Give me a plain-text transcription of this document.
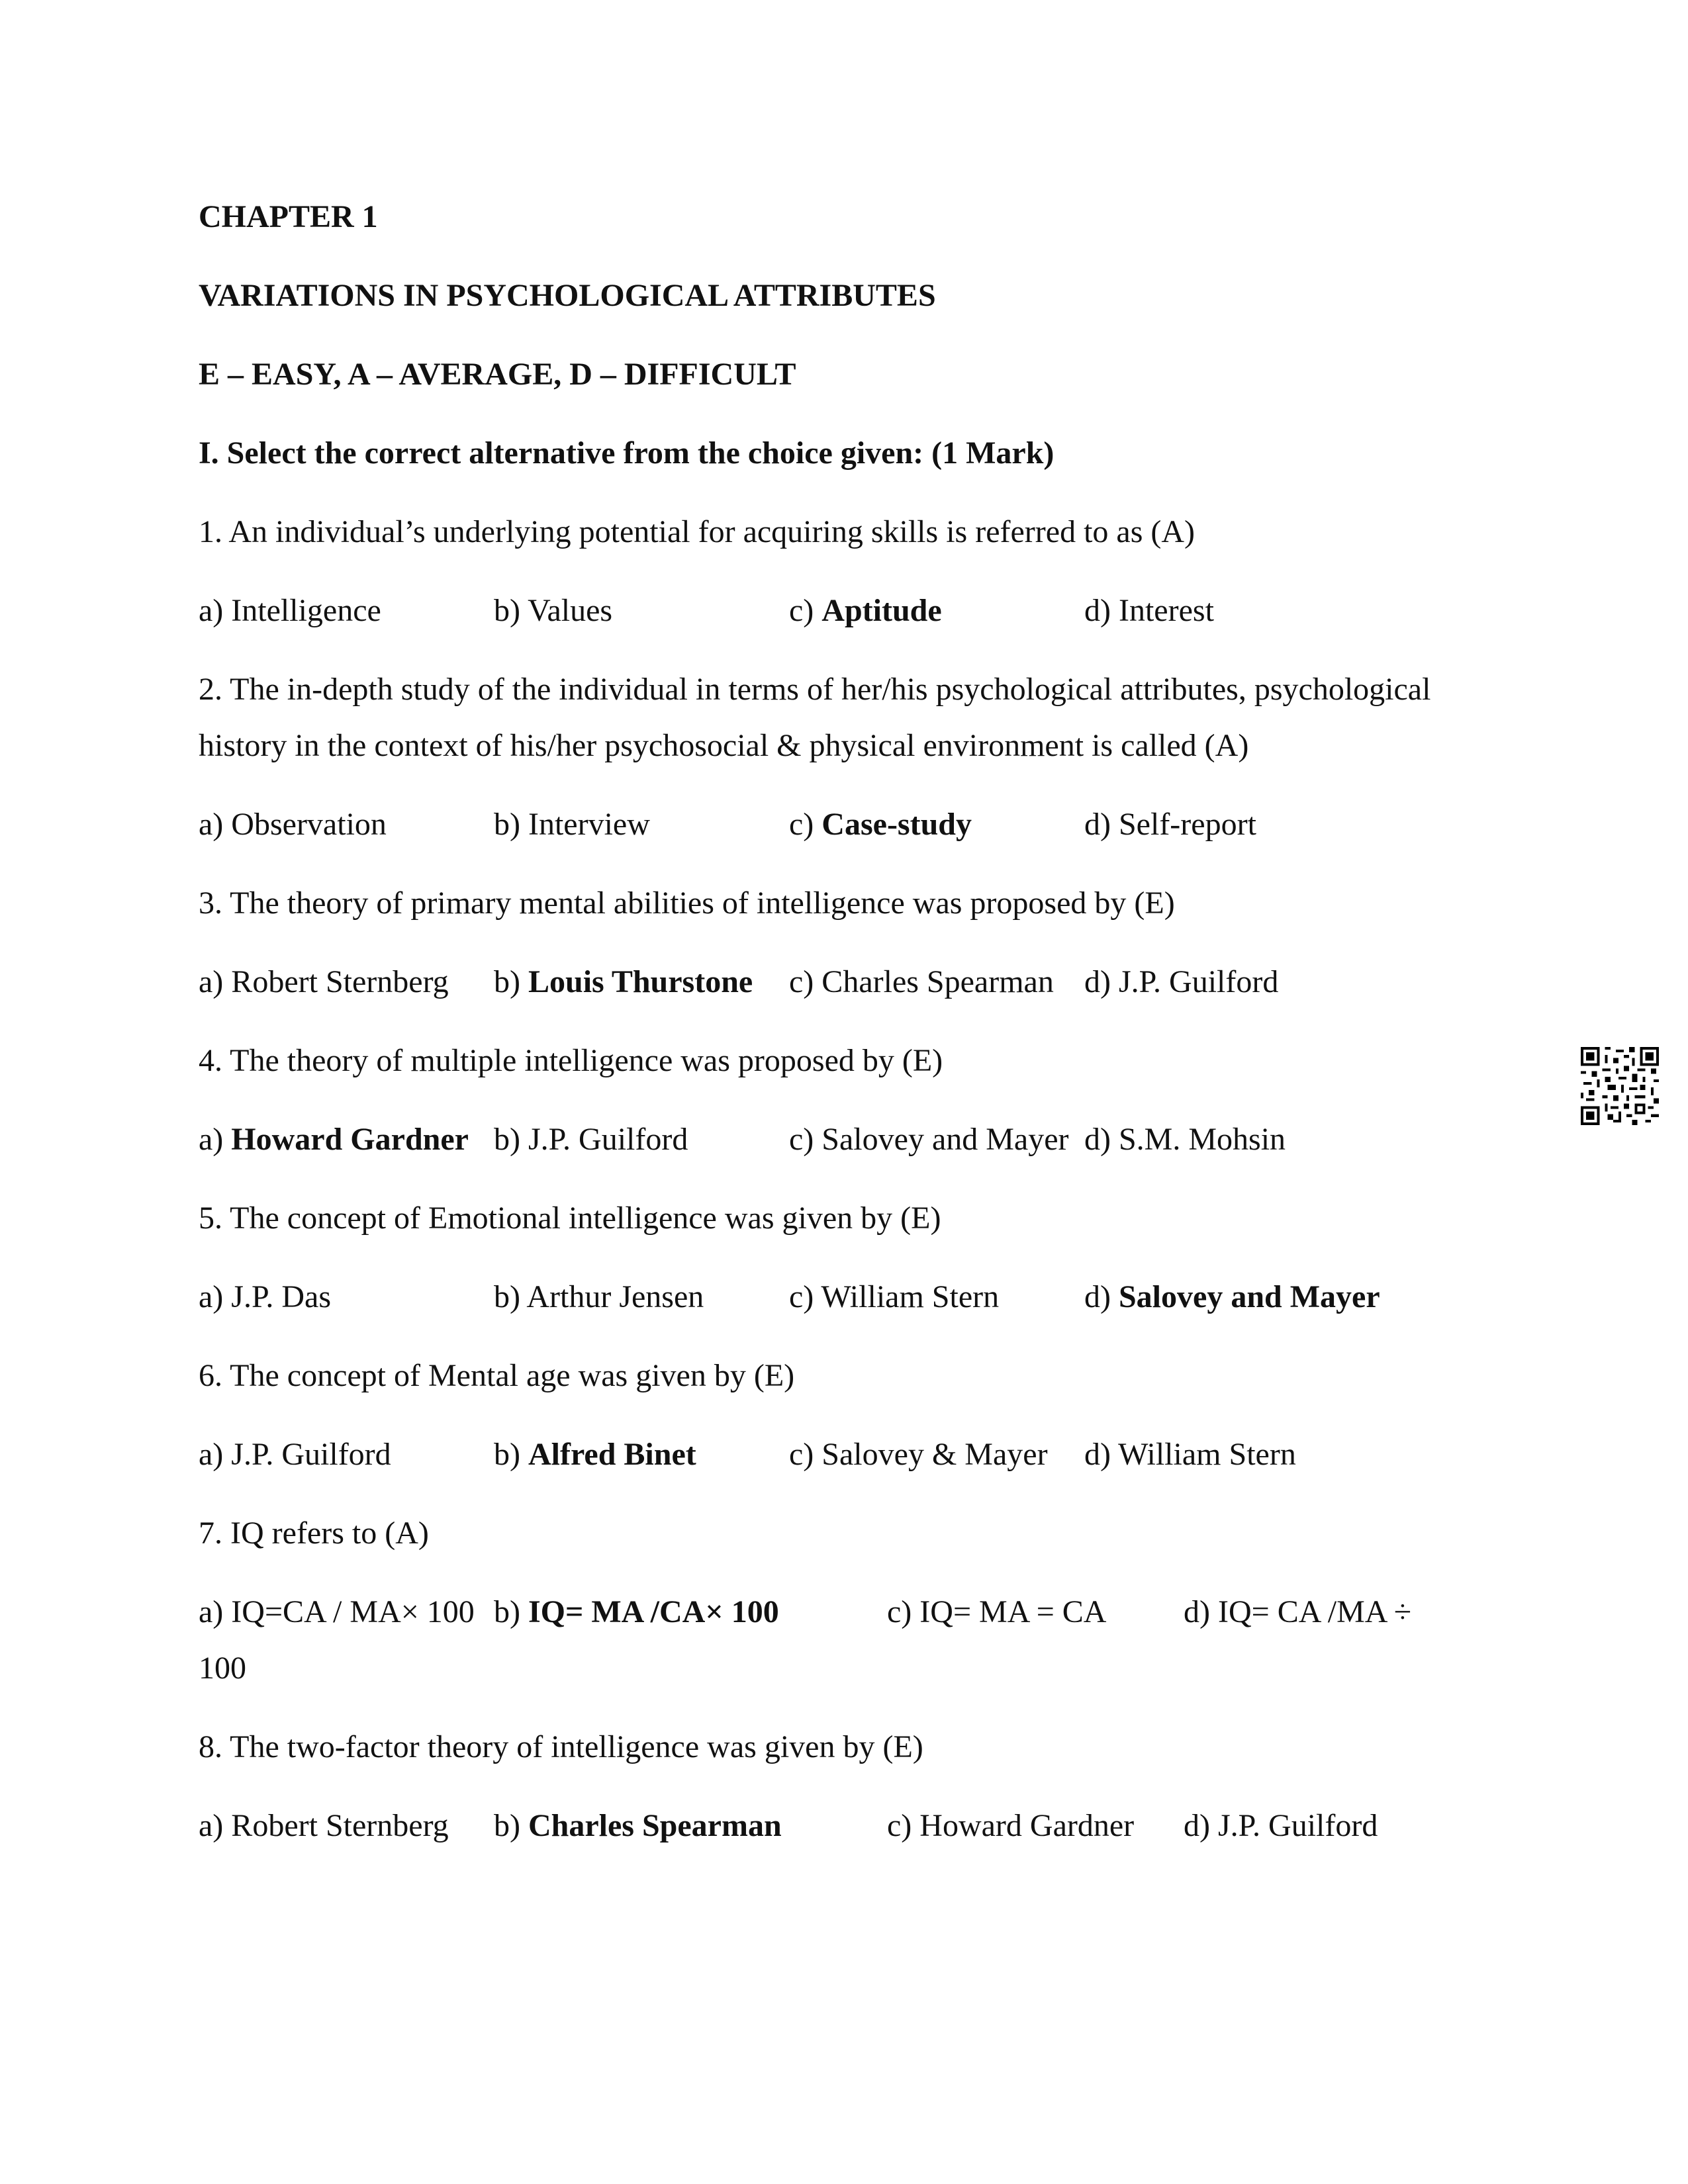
CHAPTER 1

VARIATIONS IN PSYCHOLOGICAL ATTRIBUTES

E – EASY, A – AVERAGE, D – DIFFICULT

I. Select the correct alternative from the choice given: (1 Mark)

1. An individual’s underlying potential for acquiring skills is referred to as (A)

a) Intelligence	b) Values	c) Aptitude	d) Interest

2. The in-depth study of the individual in terms of her/his psychological attributes, psychological

history in the context of his/her psychosocial & physical environment is called (A)

a) Observation	b) Interview	c) Case-study	d) Self-report

3. The theory of primary mental abilities of intelligence was proposed by (E)

a) Robert Sternberg b) Louis Thurstone c) Charles Spearman d) J.P. Guilford

4. The theory of multiple intelligence was proposed by (E)

a) Howard Gardner b) J.P. Guilford	c) Salovey and Mayer d) S.M. Mohsin

5. The concept of Emotional intelligence was given by (E)

a) J.P. Das	b) Arthur Jensen	c) William Stern	d) Salovey and Mayer

6. The concept of Mental age was given by (E)

a) J.P. Guilford	b) Alfred Binet	c) Salovey & Mayer d) William Stern

7. IQ refers to (A)

a) IQ=CA / MA× 100 b) IQ= MA /CA× 100	c) IQ= MA = CA d) IQ= CA /MA ÷

100

8. The two-factor theory of intelligence was given by (E)

a) Robert Sternberg b) Charles Spearman	c) Howard Gardner d) J.P. Guilford
